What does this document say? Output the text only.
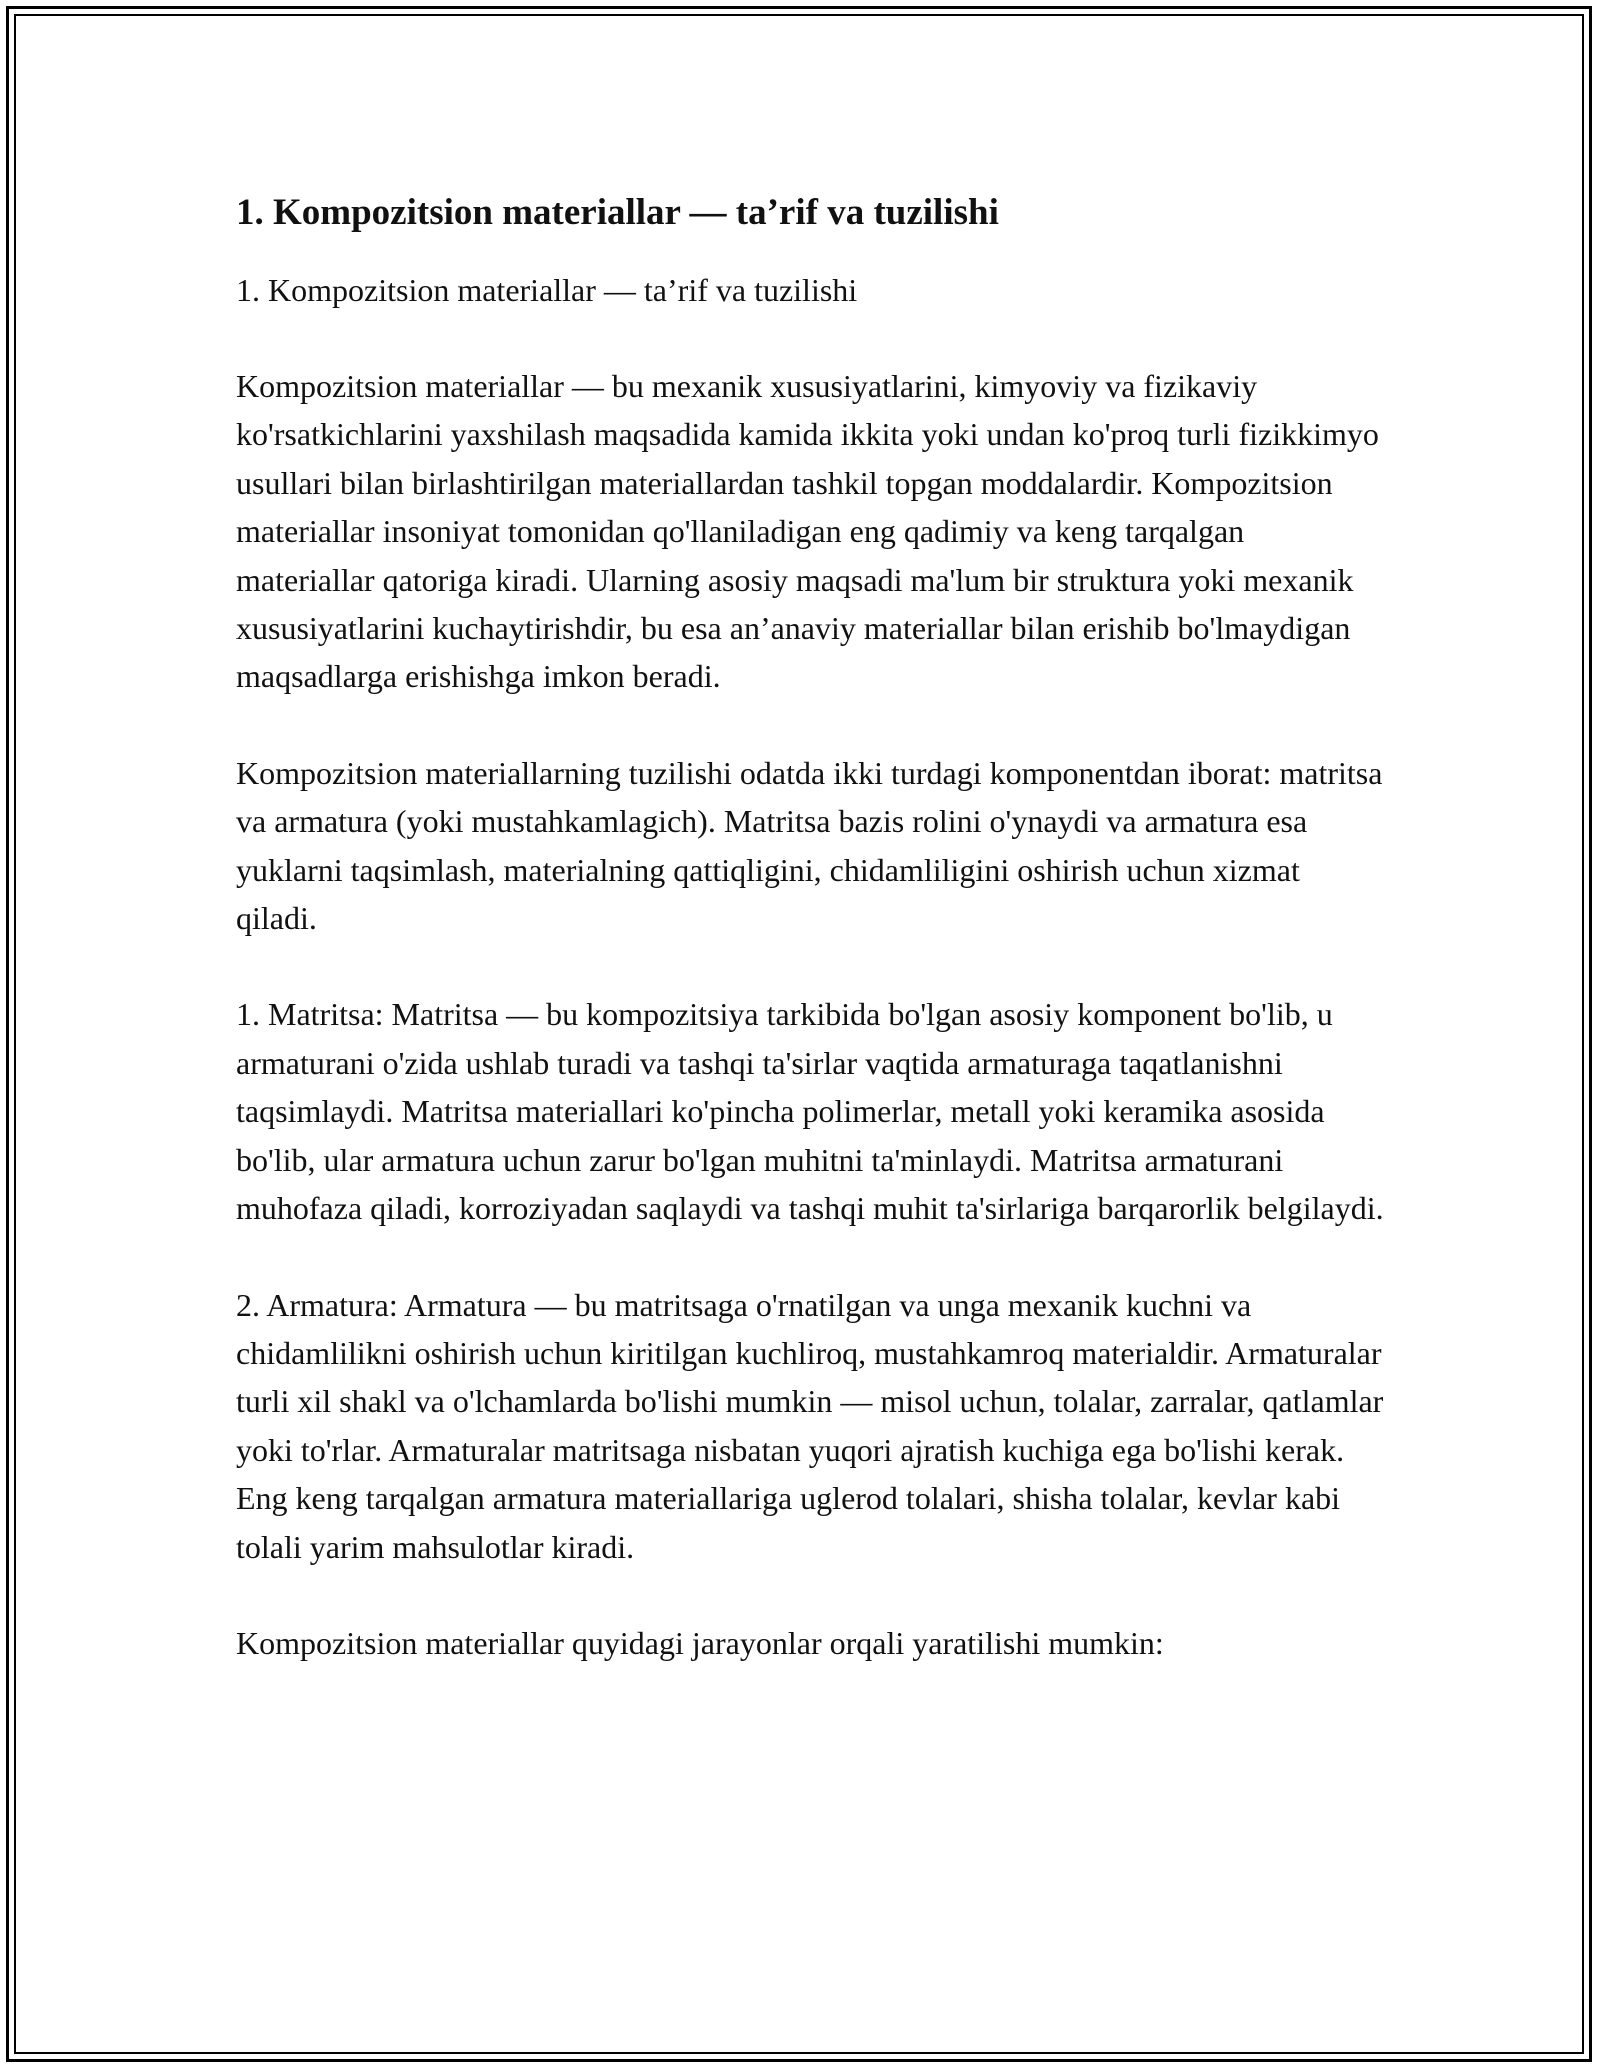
1. Kompozitsion materiallar — ta’rif va tuzilishi

1. Kompozitsion materiallar — ta’rif va tuzilishi

Kompozitsion materiallar — bu mexanik xususiyatlarini, kimyoviy va fizikaviy ko'rsatkichlarini yaxshilash maqsadida kamida ikkita yoki undan ko'proq turli fizikkimyo usullari bilan birlashtirilgan materiallardan tashkil topgan moddalardir. Kompozitsion materiallar insoniyat tomonidan qo'llaniladigan eng qadimiy va keng tarqalgan materiallar qatoriga kiradi. Ularning asosiy maqsadi ma'lum bir struktura yoki mexanik xususiyatlarini kuchaytirishdir, bu esa an’anaviy materiallar bilan erishib bo'lmaydigan maqsadlarga erishishga imkon beradi.

Kompozitsion materiallarning tuzilishi odatda ikki turdagi komponentdan iborat: matritsa va armatura (yoki mustahkamlagich). Matritsa bazis rolini o'ynaydi va armatura esa yuklarni taqsimlash, materialning qattiqligini, chidamliligini oshirish uchun xizmat qiladi.

1. Matritsa: Matritsa — bu kompozitsiya tarkibida bo'lgan asosiy komponent bo'lib, u armaturani o'zida ushlab turadi va tashqi ta'sirlar vaqtida armaturaga taqatlanishni taqsimlaydi. Matritsa materiallari ko'pincha polimerlar, metall yoki keramika asosida bo'lib, ular armatura uchun zarur bo'lgan muhitni ta'minlaydi. Matritsa armaturani muhofaza qiladi, korroziyadan saqlaydi va tashqi muhit ta'sirlariga barqarorlik belgilaydi.

2. Armatura: Armatura — bu matritsaga o'rnatilgan va unga mexanik kuchni va chidamlilikni oshirish uchun kiritilgan kuchliroq, mustahkamroq materialdir. Armaturalar turli xil shakl va o'lchamlarda bo'lishi mumkin — misol uchun, tolalar, zarralar, qatlamlar yoki to'rlar. Armaturalar matritsaga nisbatan yuqori ajratish kuchiga ega bo'lishi kerak. Eng keng tarqalgan armatura materiallariga uglerod tolalari, shisha tolalar, kevlar kabi tolali yarim mahsulotlar kiradi.

Kompozitsion materiallar quyidagi jarayonlar orqali yaratilishi mumkin:
